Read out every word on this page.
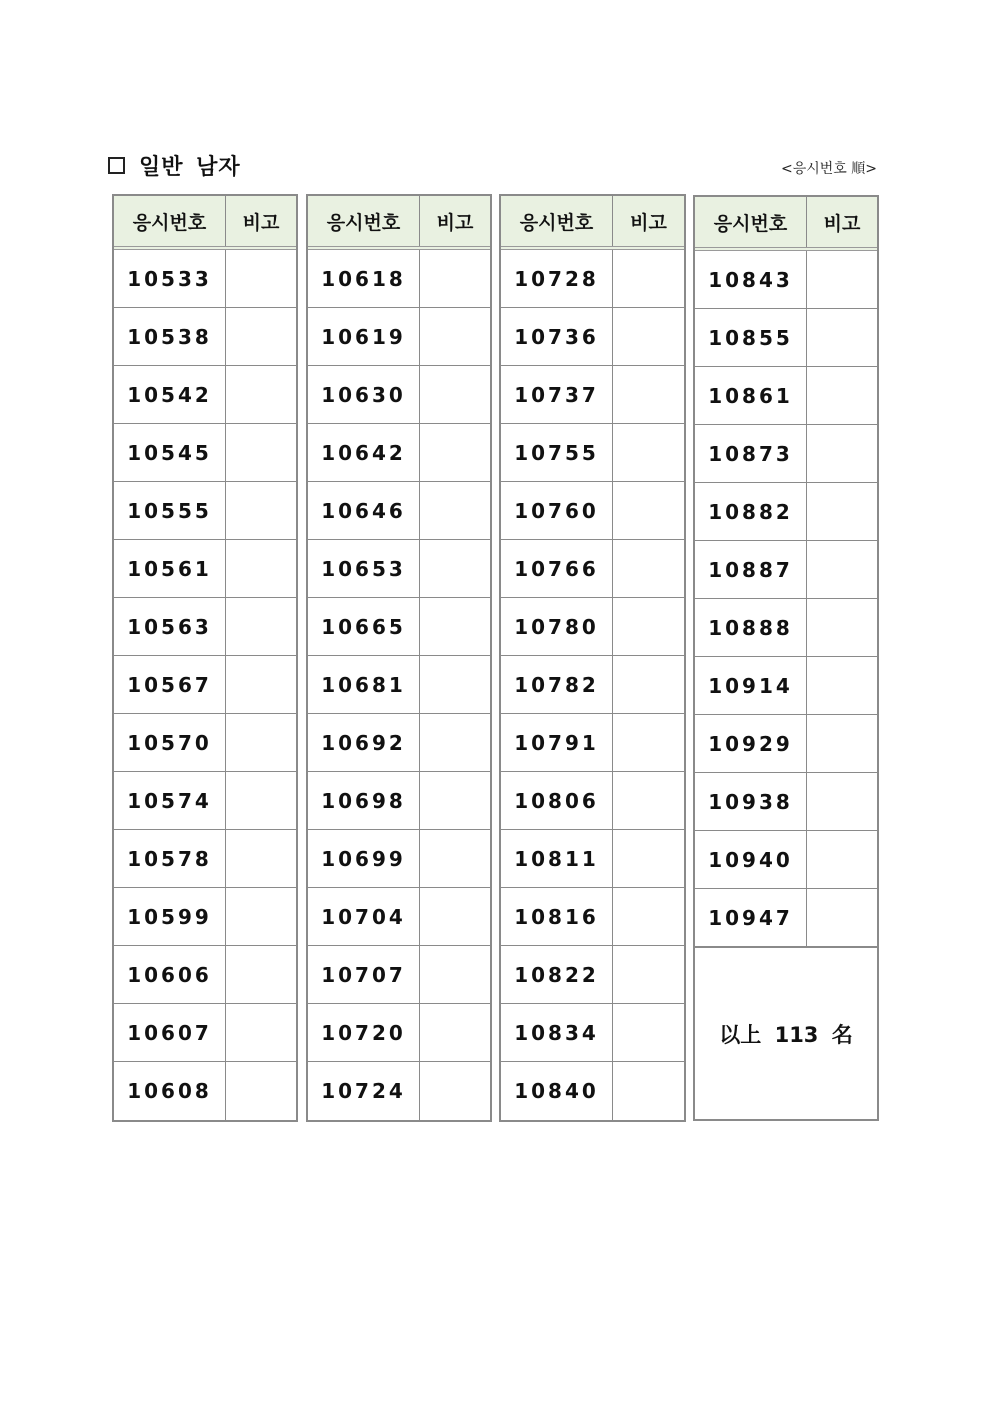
일반 남자	<응시번호 順>
응시번호	비고
10533
10538
10542
10545
10555
10561
10563
10567
10570
10574
10578
10599
10606
10607
10608
응시번호	비고
10618
10619
10630
10642
10646
10653
10665
10681
10692
10698
10699
10704
10707
10720
10724
응시번호	비고
10728
10736
10737
10755
10760
10766
10780
10782
10791
10806
10811
10816
10822
10834
10840
응시번호	비고
10843
10855
10861
10873
10882
10887
10888
10914
10929
10938
10940
10947
以上 113 名
